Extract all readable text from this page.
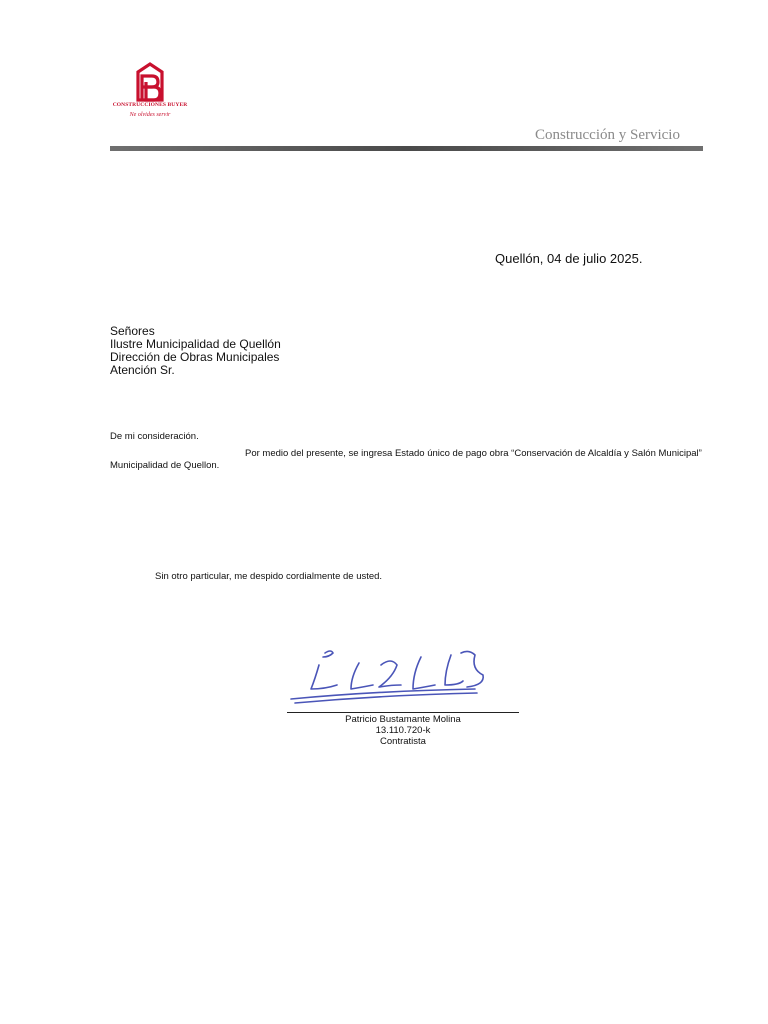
CONSTRUCCIONES BUYER
Ne olvides servir
Construcción y Servicio
Quellón, 04 de julio 2025.
Señores
Ilustre Municipalidad de Quellón
Dirección de Obras Municipales
Atención Sr.
De mi consideración.
Por medio del presente, se ingresa Estado único de pago obra “Conservación de Alcaldía y Salón Municipal” Municipalidad de Quellon.
Sin otro particular, me despido cordialmente de usted.
Patricio Bustamante Molina
13.110.720-k
Contratista
